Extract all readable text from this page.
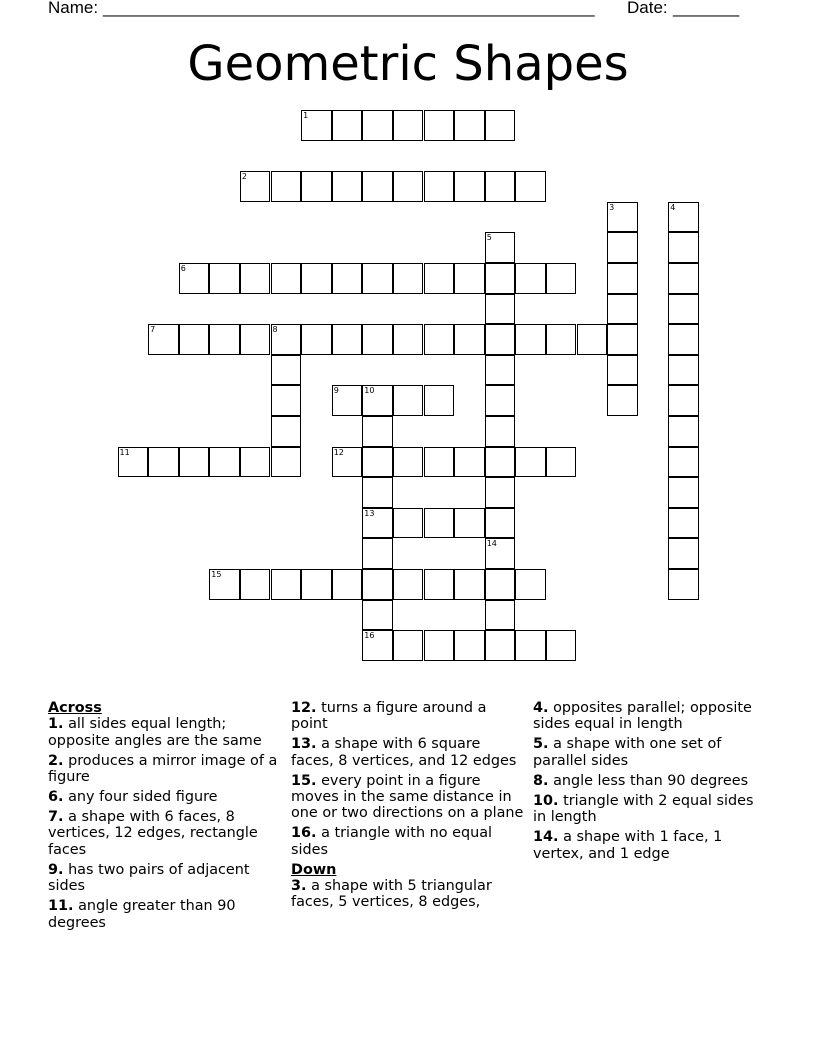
Name: ____________________________________________________ Date: _______
Geometric Shapes
1
2
3	4
5
14
6
7	8
9	10
13
16
11	12
15

Across

1. all sides equal length; opposite angles are the same

2. produces a mirror image of a figure

6. any four sided figure

7. a shape with 6 faces, 8 vertices, 12 edges, rectangle faces

9. has two pairs of adjacent sides

11. angle greater than 90 degrees

12. turns a figure around a point

13. a shape with 6 square faces, 8 vertices, and 12 edges

15. every point in a figure moves in the same distance in one or two directions on a plane

16. a triangle with no equal sides

Down

3. a shape with 5 triangular faces, 5 vertices, 8 edges,

4. opposites parallel; opposite sides equal in length

5. a shape with one set of parallel sides

8. angle less than 90 degrees

10. triangle with 2 equal sides in length

14. a shape with 1 face, 1 vertex, and 1 edge
